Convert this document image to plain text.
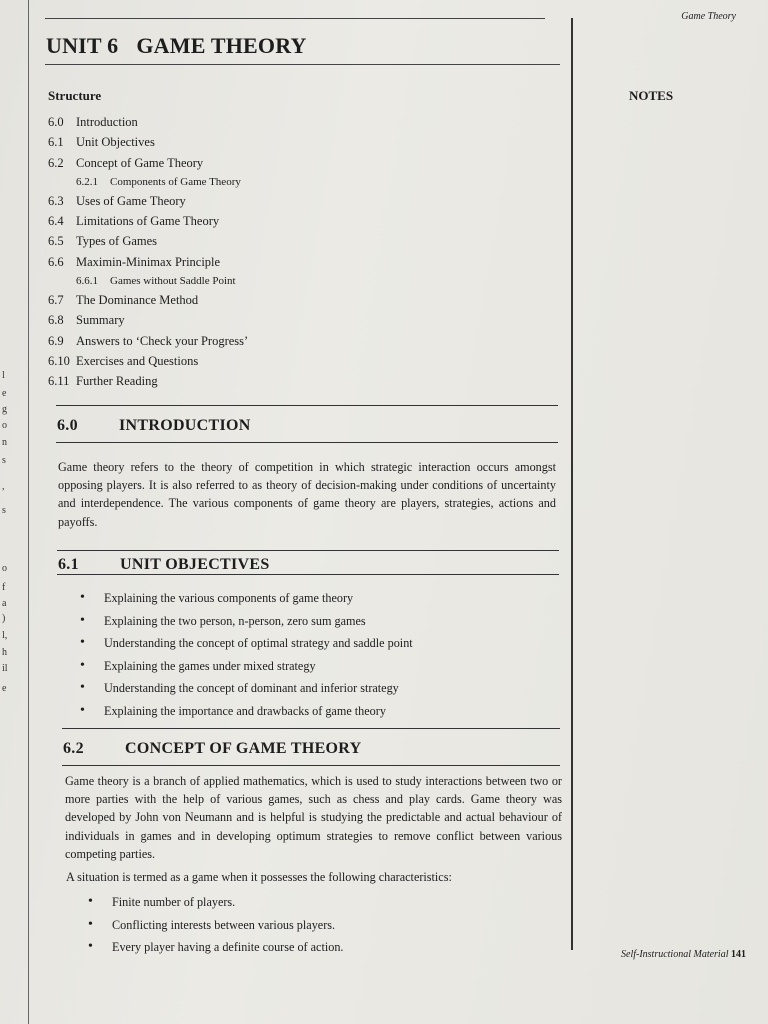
Game Theory
UNIT 6 GAME THEORY
NOTES
Structure
6.0 Introduction
6.1 Unit Objectives
6.2 Concept of Game Theory
6.2.1 Components of Game Theory
6.3 Uses of Game Theory
6.4 Limitations of Game Theory
6.5 Types of Games
6.6 Maximin-Minimax Principle
6.6.1 Games without Saddle Point
6.7 The Dominance Method
6.8 Summary
6.9 Answers to ‘Check your Progress’
6.10 Exercises and Questions
6.11 Further Reading
6.0	INTRODUCTION
Game theory refers to the theory of competition in which strategic interaction occurs amongst opposing players. It is also referred to as theory of decision-making under conditions of uncertainty and interdependence. The various components of game theory are players, strategies, actions and payoffs.
6.1	UNIT OBJECTIVES
• Explaining the various components of game theory
• Explaining the two person, n-person, zero sum games
• Understanding the concept of optimal strategy and saddle point
• Explaining the games under mixed strategy
• Understanding the concept of dominant and inferior strategy
• Explaining the importance and drawbacks of game theory
6.2	CONCEPT OF GAME THEORY
Game theory is a branch of applied mathematics, which is used to study interactions between two or more parties with the help of various games, such as chess and play cards. Game theory was developed by John von Neumann and is helpful is studying the predictable and actual behaviour of individuals in games and in developing optimum strategies to remove conflict between various competing parties.
A situation is termed as a game when it possesses the following characteristics:
• Finite number of players.
• Conflicting interests between various players.
• Every player having a definite course of action.
Self-Instructional Material 141
l
e
g
o
n
s
,
s
o
f
a
)
l,
h
il
e
